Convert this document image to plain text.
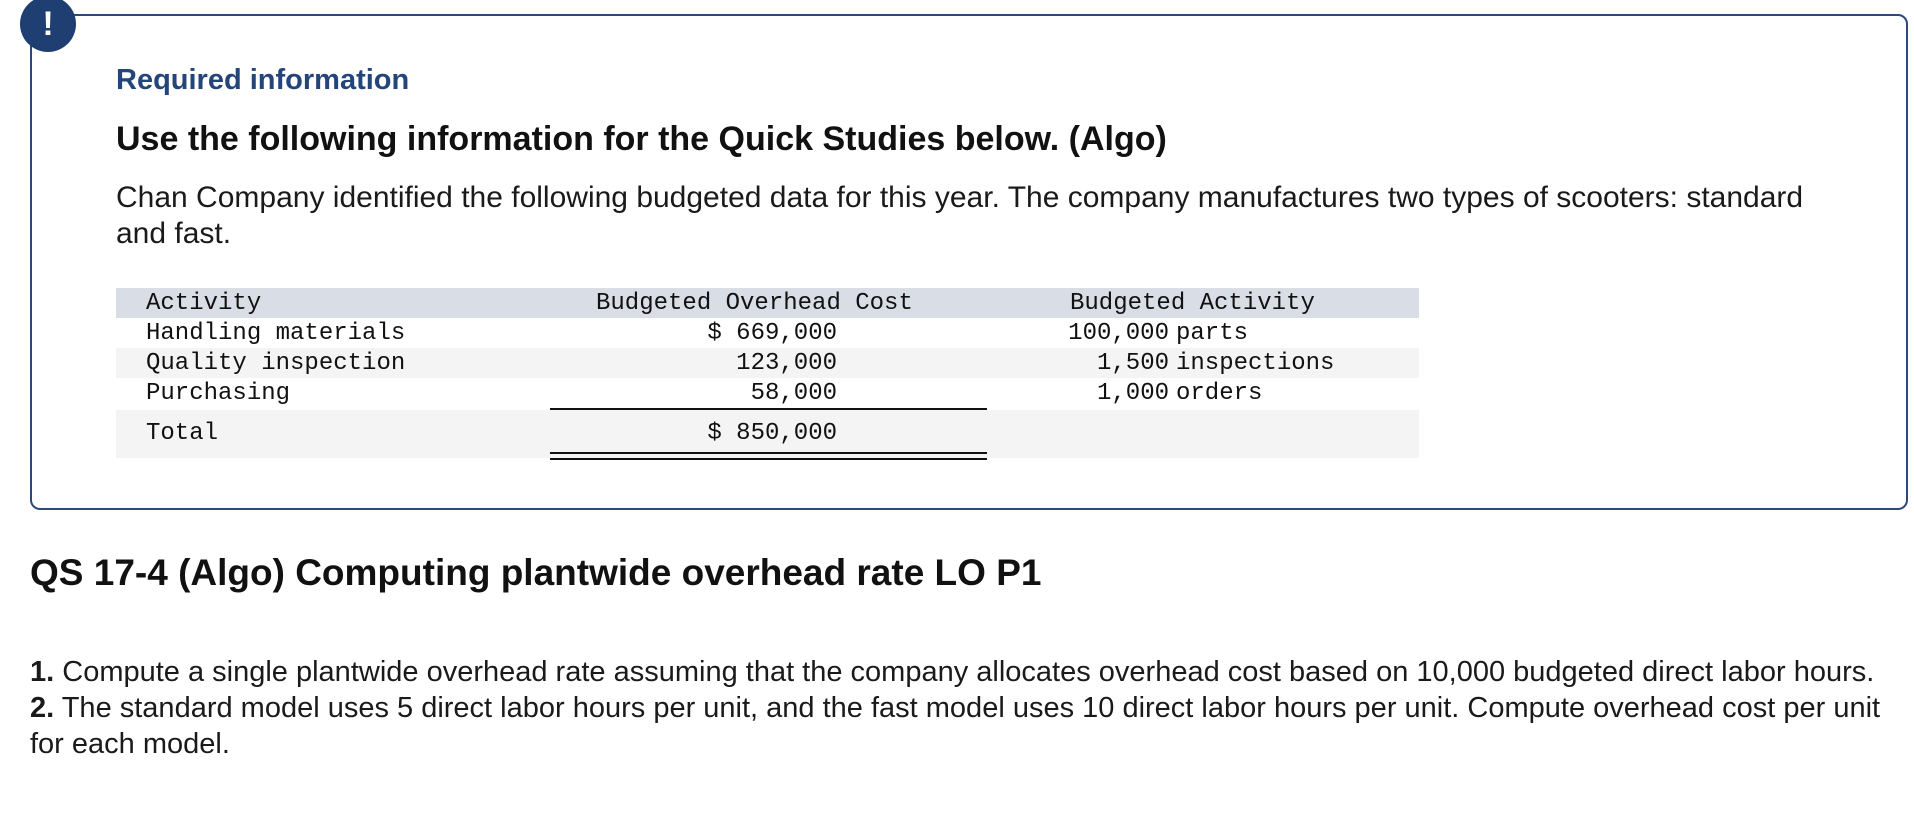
!
Required information
Use the following information for the Quick Studies below. (Algo)
Chan Company identified the following budgeted data for this year. The company manufactures two types of scooters: standard and fast.
Activity	Budgeted Overhead Cost	Budgeted Activity
Handling materials	$ 669,000	100,000 parts
Quality inspection	123,000	1,500 inspections
Purchasing	58,000	1,000 orders
Total	$ 850,000
QS 17-4 (Algo) Computing plantwide overhead rate LO P1

1. Compute a single plantwide overhead rate assuming that the company allocates overhead cost based on 10,000 budgeted direct labor hours.

2. The standard model uses 5 direct labor hours per unit, and the fast model uses 10 direct labor hours per unit. Compute overhead cost per unit for each model.
